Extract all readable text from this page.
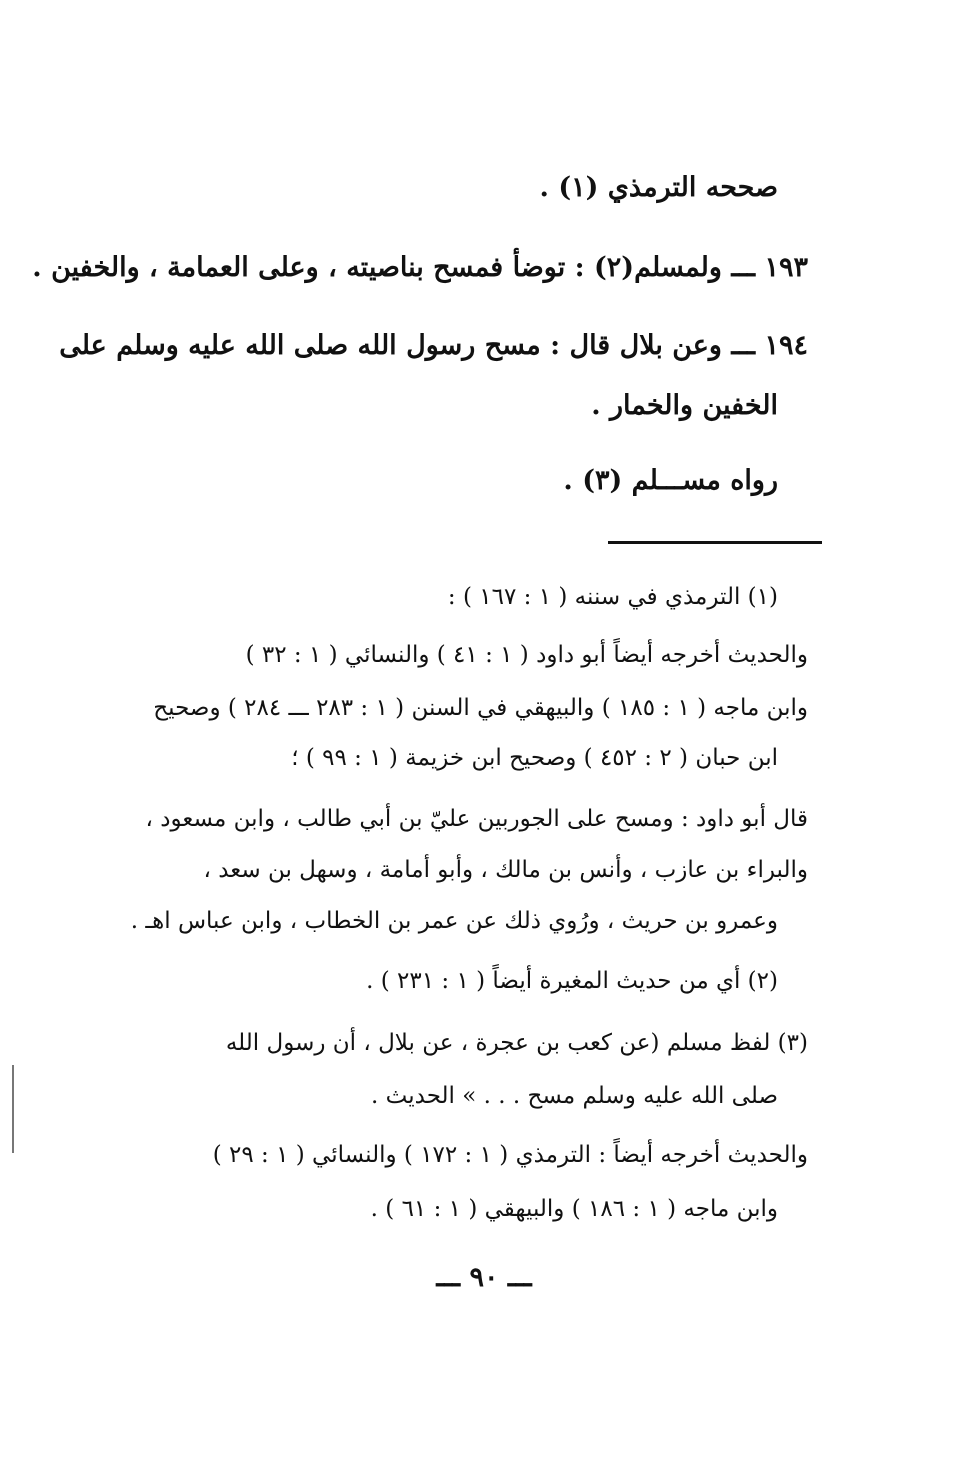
صححه الترمذي (١) .
١٩٣ ـــ ولمسلم(٢) : توضأ فمسح بناصيته ، وعلى العمامة ، والخفين .
١٩٤ ـــ وعن بلال قال : مسح رسول الله صلى الله عليه وسلم على
الخفين والخمار .
رواه مســـلم (٣) .
(١) الترمذي في سننه ( ١ : ١٦٧ ) :
والحديث أخرجه أيضاً أبو داود ( ١ : ٤١ ) والنسائي ( ١ : ٣٢ )
وابن ماجه ( ١ : ١٨٥ ) والبيهقي في السنن ( ١ : ٢٨٣ ـــ ٢٨٤ ) وصحيح
ابن حبان ( ٢ : ٤٥٢ ) وصحيح ابن خزيمة ( ١ : ٩٩ ) ؛
قال أبو داود : ومسح على الجوربين عليّ بن أبي طالب ، وابن مسعود ،
والبراء بن عازب ، وأنس بن مالك ، وأبو أمامة ، وسهل بن سعد ،
وعمرو بن حريث ، ورُوي ذلك عن عمر بن الخطاب ، وابن عباس اهـ .
(٢) أي من حديث المغيرة أيضاً ( ١ : ٢٣١ ) .
(٣) لفظ مسلم (عن كعب بن عجرة ، عن بلال ، أن رسول الله
صلى الله عليه وسلم مسح . . . » الحديث .
والحديث أخرجه أيضاً : الترمذي ( ١ : ١٧٢ ) والنسائي ( ١ : ٢٩ )
وابن ماجه ( ١ : ١٨٦ ) والبيهقي ( ١ : ٦١ ) .
ـــ ٩٠ ـــ
